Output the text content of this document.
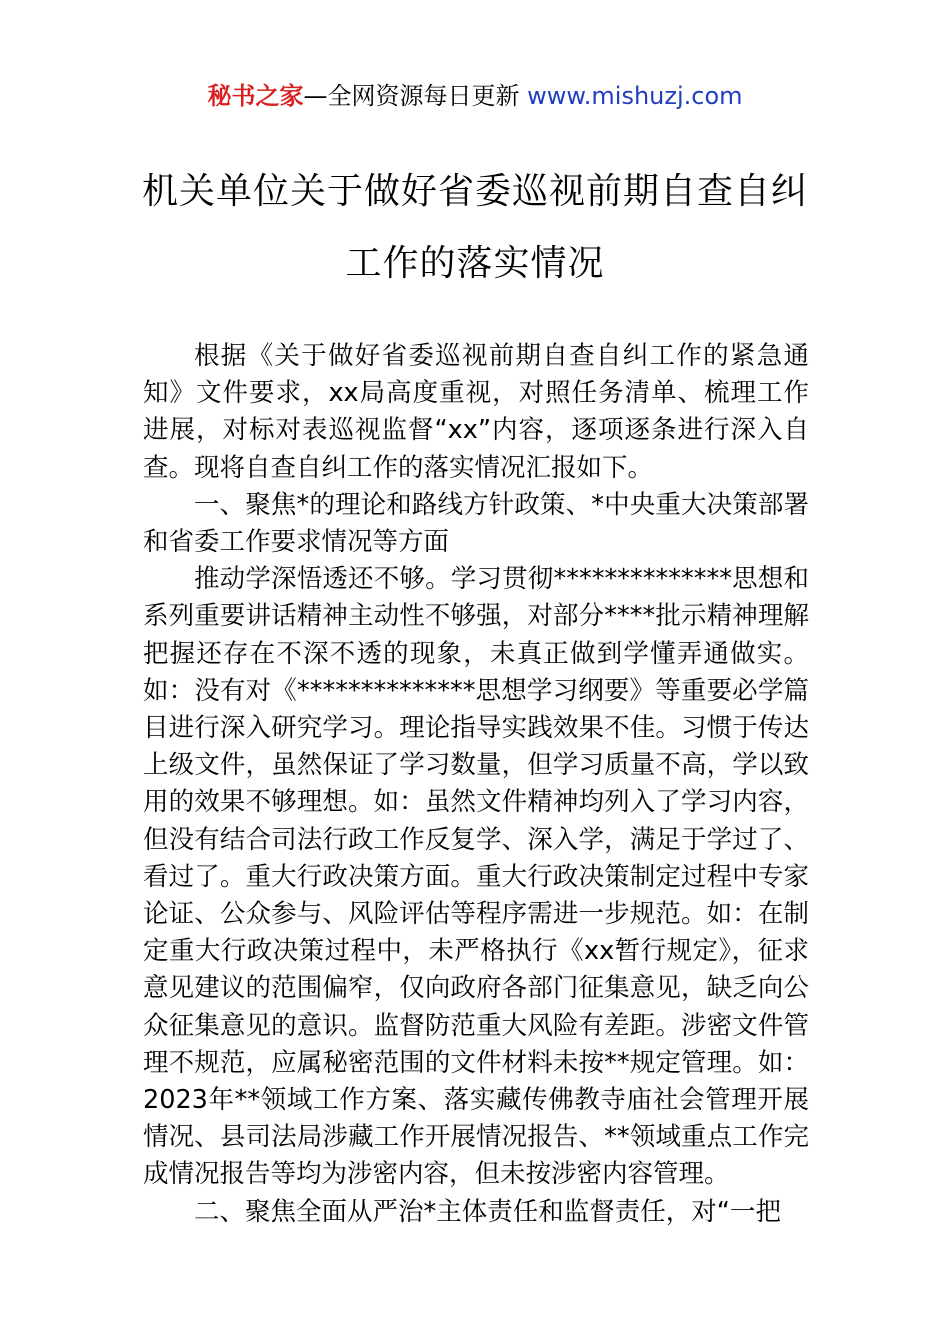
秘书之家—全网资源每日更新 www.mishuzj.com
机关单位关于做好省委巡视前期自查自纠
工作的落实情况

根据《关于做好省委巡视前期自查自纠工作的紧急通知》文件要求，xx局高度重视，对照任务清单、梳理工作进展，对标对表巡视监督“xx”内容，逐项逐条进行深入自查。现将自查自纠工作的落实情况汇报如下。

一、聚焦*的理论和路线方针政策、*中央重大决策部署和省委工作要求情况等方面

推动学深悟透还不够。学习贯彻**************思想和系列重要讲话精神主动性不够强，对部分****批示精神理解把握还存在不深不透的现象，未真正做到学懂弄通做实。如：没有对《**************思想学习纲要》等重要必学篇目进行深入研究学习。理论指导实践效果不佳。习惯于传达上级文件，虽然保证了学习数量，但学习质量不高，学以致用的效果不够理想。如：虽然文件精神均列入了学习内容，但没有结合司法行政工作反复学、深入学，满足于学过了、看过了。重大行政决策方面。重大行政决策制定过程中专家论证、公众参与、风险评估等程序需进一步规范。如：在制定重大行政决策过程中，未严格执行《xx暂行规定》，征求意见建议的范围偏窄，仅向政府各部门征集意见，缺乏向公众征集意见的意识。监督防范重大风险有差距。涉密文件管理不规范，应属秘密范围的文件材料未按**规定管理。如：2023年**领域工作方案、落实藏传佛教寺庙社会管理开展情况、县司法局涉藏工作开展情况报告、**领域重点工作完成情况报告等均为涉密内容，但未按涉密内容管理。

二、聚焦全面从严治*主体责任和监督责任，对“一把
